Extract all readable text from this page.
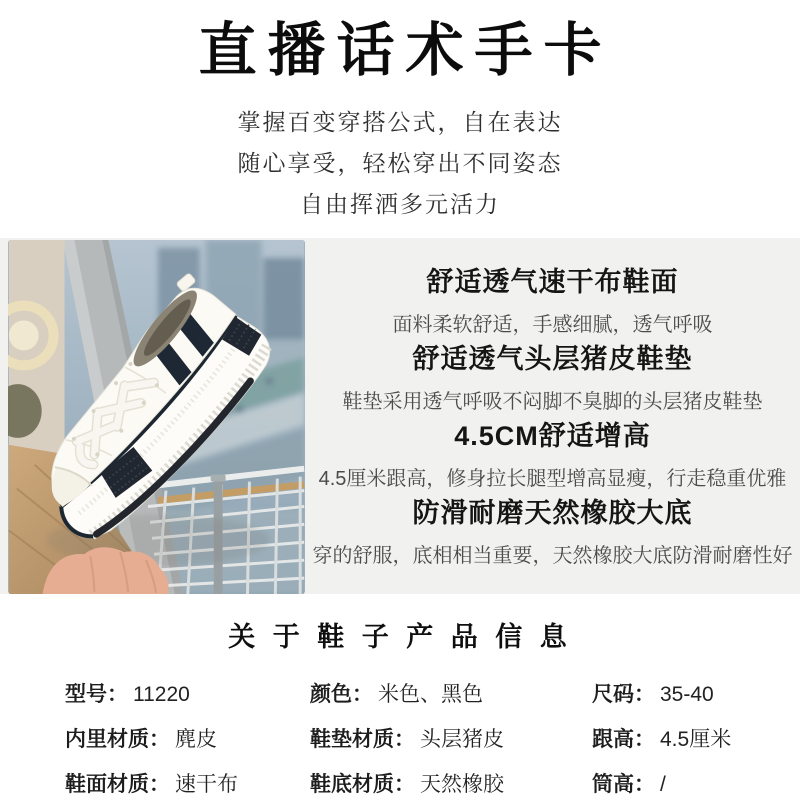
直播话术手卡
掌握百变穿搭公式，自在表达
随心享受，轻松穿出不同姿态
自由挥洒多元活力
舒适透气速干布鞋面
面料柔软舒适，手感细腻，透气呼吸
舒适透气头层猪皮鞋垫
鞋垫采用透气呼吸不闷脚不臭脚的头层猪皮鞋垫
4.5CM舒适增高
4.5厘米跟高，修身拉长腿型增高显瘦，行走稳重优雅
防滑耐磨天然橡胶大底
穿的舒服，底相相当重要，天然橡胶大底防滑耐磨性好
关 于 鞋 子 产 品 信 息
型号： 11220	颜色： 米色、黑色	尺码： 35-40
内里材质： 麂皮	鞋垫材质： 头层猪皮	跟高： 4.5厘米
鞋面材质： 速干布	鞋底材质： 天然橡胶	筒高： /
